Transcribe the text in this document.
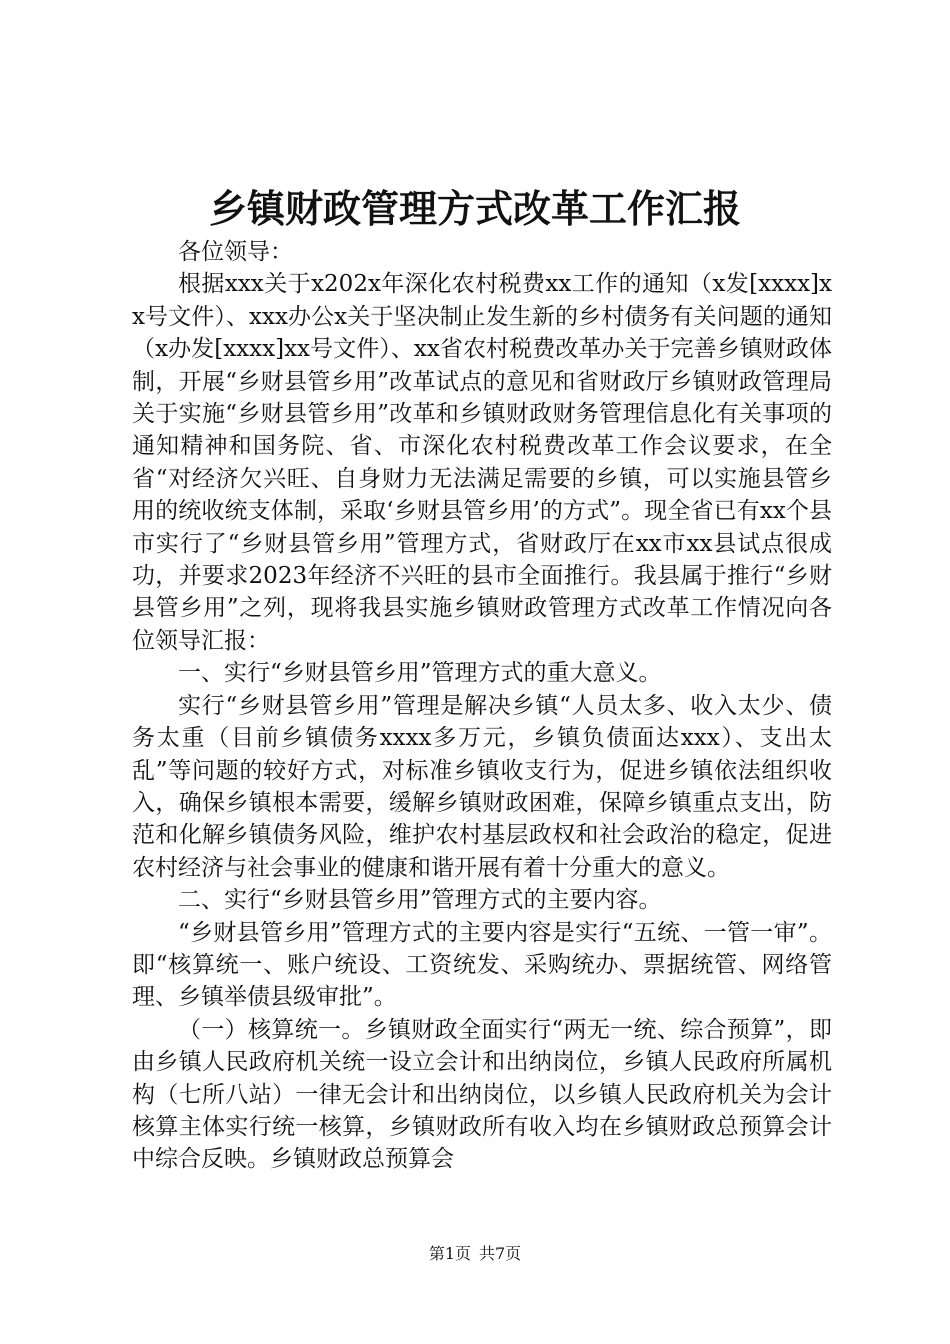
乡镇财政管理方式改革工作汇报

各位领导：

根据xxx关于x202x年深化农村税费xx工作的通知（x发[xxxx]xx号文件）、xxx办公x关于坚决制止发生新的乡村债务有关问题的通知（x办发[xxxx]xx号文件）、xx省农村税费改革办关于完善乡镇财政体制，开展“乡财县管乡用”改革试点的意见和省财政厅乡镇财政管理局关于实施“乡财县管乡用”改革和乡镇财政财务管理信息化有关事项的通知精神和国务院、省、市深化农村税费改革工作会议要求，在全省“对经济欠兴旺、自身财力无法满足需要的乡镇，可以实施县管乡用的统收统支体制，采取‘乡财县管乡用’的方式”。现全省已有xx个县市实行了“乡财县管乡用”管理方式，省财政厅在xx市xx县试点很成功，并要求2023年经济不兴旺的县市全面推行。我县属于推行“乡财县管乡用”之列，现将我县实施乡镇财政管理方式改革工作情况向各位领导汇报：

一、实行“乡财县管乡用”管理方式的重大意义。

实行“乡财县管乡用”管理是解决乡镇“人员太多、收入太少、债务太重（目前乡镇债务xxxx多万元，乡镇负债面达xxx）、支出太乱”等问题的较好方式，对标准乡镇收支行为，促进乡镇依法组织收入，确保乡镇根本需要，缓解乡镇财政困难，保障乡镇重点支出，防范和化解乡镇债务风险，维护农村基层政权和社会政治的稳定，促进农村经济与社会事业的健康和谐开展有着十分重大的意义。

二、实行“乡财县管乡用”管理方式的主要内容。

“乡财县管乡用”管理方式的主要内容是实行“五统、一管一审”。即“核算统一、账户统设、工资统发、采购统办、票据统管、网络管理、乡镇举债县级审批”。

（一）核算统一。乡镇财政全面实行“两无一统、综合预算”，即由乡镇人民政府机关统一设立会计和出纳岗位，乡镇人民政府所属机构（七所八站）一律无会计和出纳岗位，以乡镇人民政府机关为会计核算主体实行统一核算，乡镇财政所有收入均在乡镇财政总预算会计中综合反映。乡镇财政总预算会

第1页 共7页
